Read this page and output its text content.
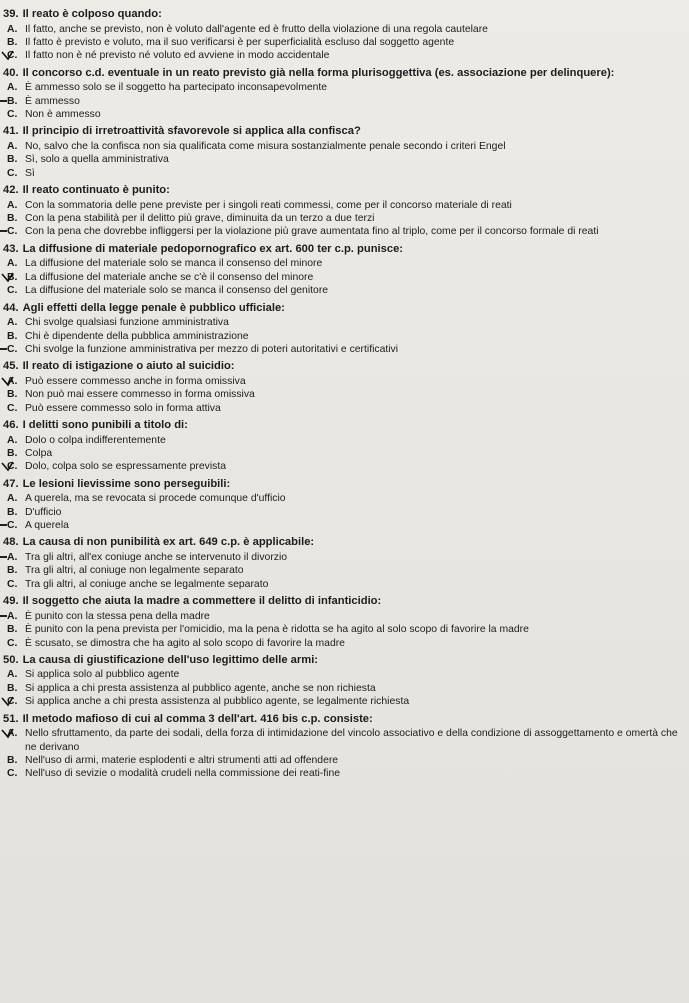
39. Il reato è colposo quando:
A. Il fatto, anche se previsto, non è voluto dall'agente ed è frutto della violazione di una regola cautelare
B. Il fatto è previsto e voluto, ma il suo verificarsi è per superficialità escluso dal soggetto agente
C. Il fatto non è né previsto né voluto ed avviene in modo accidentale
40. Il concorso c.d. eventuale in un reato previsto già nella forma plurisoggettiva (es. associazione per delinquere):
A. È ammesso solo se il soggetto ha partecipato inconsapevolmente
B. È ammesso
C. Non è ammesso
41. Il principio di irretroattività sfavorevole si applica alla confisca?
A. No, salvo che la confisca non sia qualificata come misura sostanzialmente penale secondo i criteri Engel
B. Sì, solo a quella amministrativa
C. Sì
42. Il reato continuato è punito:
A. Con la sommatoria delle pene previste per i singoli reati commessi, come per il concorso materiale di reati
B. Con la pena stabilità per il delitto più grave, diminuita da un terzo a due terzi
C. Con la pena che dovrebbe infliggersi per la violazione più grave aumentata fino al triplo, come per il concorso formale di reati
43. La diffusione di materiale pedopornografico ex art. 600 ter c.p. punisce:
A. La diffusione del materiale solo se manca il consenso del minore
B. La diffusione del materiale anche se c'è il consenso del minore
C. La diffusione del materiale solo se manca il consenso del genitore
44. Agli effetti della legge penale è pubblico ufficiale:
A. Chi svolge qualsiasi funzione amministrativa
B. Chi è dipendente della pubblica amministrazione
C. Chi svolge la funzione amministrativa per mezzo di poteri autoritativi e certificativi
45. Il reato di istigazione o aiuto al suicidio:
A. Può essere commesso anche in forma omissiva
B. Non può mai essere commesso in forma omissiva
C. Può essere commesso solo in forma attiva
46. I delitti sono punibili a titolo di:
A. Dolo o colpa indifferentemente
B. Colpa
C. Dolo, colpa solo se espressamente prevista
47. Le lesioni lievissime sono perseguibili:
A. A querela, ma se revocata si procede comunque d'ufficio
B. D'ufficio
C. A querela
48. La causa di non punibilità ex art. 649 c.p. è applicabile:
A. Tra gli altri, all'ex coniuge anche se intervenuto il divorzio
B. Tra gli altri, al coniuge non legalmente separato
C. Tra gli altri, al coniuge anche se legalmente separato
49. Il soggetto che aiuta la madre a commettere il delitto di infanticidio:
A. È punito con la stessa pena della madre
B. È punito con la pena prevista per l'omicidio, ma la pena è ridotta se ha agito al solo scopo di favorire la madre
C. È scusato, se dimostra che ha agito al solo scopo di favorire la madre
50. La causa di giustificazione dell'uso legittimo delle armi:
A. Si applica solo al pubblico agente
B. Si applica a chi presta assistenza al pubblico agente, anche se non richiesta
C. Si applica anche a chi presta assistenza al pubblico agente, se legalmente richiesta
51. Il metodo mafioso di cui al comma 3 dell'art. 416 bis c.p. consiste:
A. Nello sfruttamento, da parte dei sodali, della forza di intimidazione del vincolo associativo e della condizione di assoggettamento e omertà che ne derivano
B. Nell'uso di armi, materie esplodenti e altri strumenti atti ad offendere
C. Nell'uso di sevizie o modalità crudeli nella commissione dei reati-fine
